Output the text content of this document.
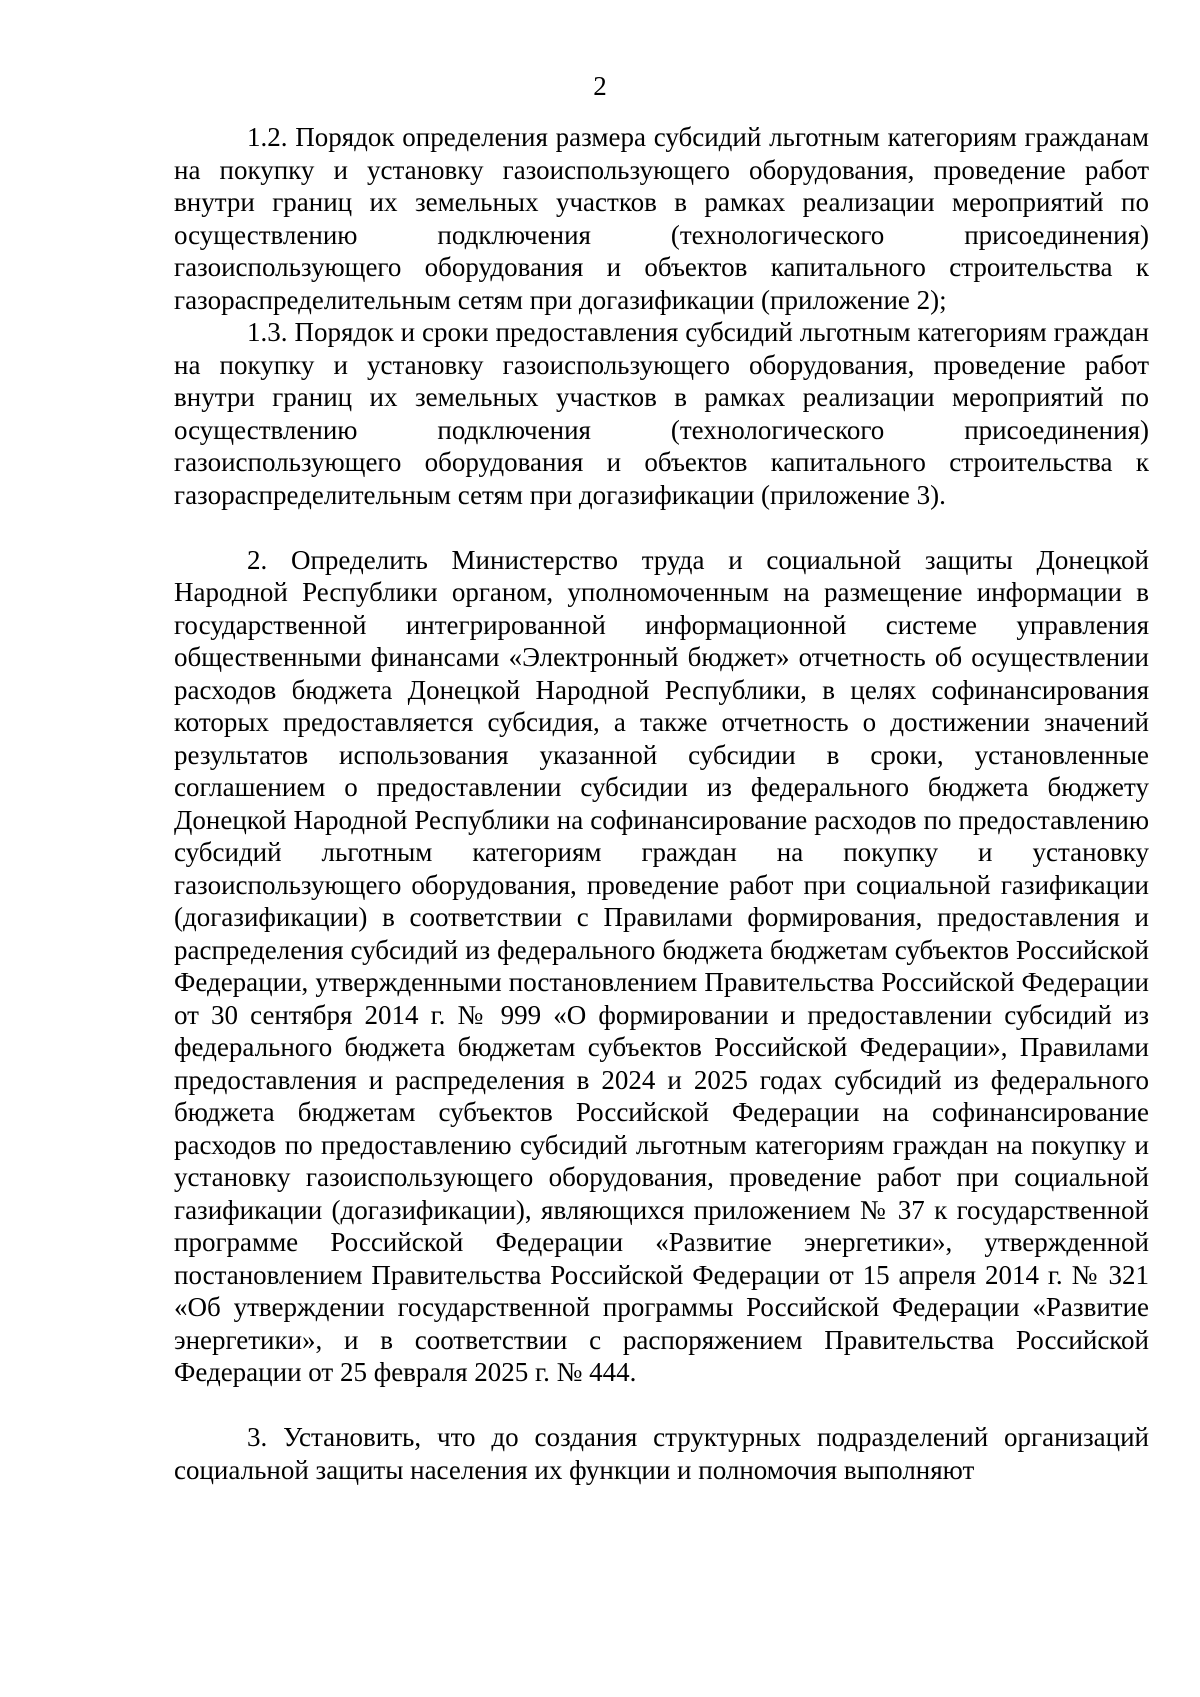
2

1.2. Порядок определения размера субсидий льготным категориям гражданам на покупку и установку газоиспользующего оборудования, проведение работ внутри границ их земельных участков в рамках реализации мероприятий по осуществлению подключения (технологического присоединения) газоиспользующего оборудования и объектов капитального строительства к газораспределительным сетям при догазификации (приложение 2);

1.3. Порядок и сроки предоставления субсидий льготным категориям граждан на покупку и установку газоиспользующего оборудования, проведение работ внутри границ их земельных участков в рамках реализации мероприятий по осуществлению подключения (технологического присоединения) газоиспользующего оборудования и объектов капитального строительства к газораспределительным сетям при догазификации (приложение 3).

2. Определить Министерство труда и социальной защиты Донецкой Народной Республики органом, уполномоченным на размещение информации в государственной интегрированной информационной системе управления общественными финансами «Электронный бюджет» отчетность об осуществлении расходов бюджета Донецкой Народной Республики, в целях софинансирования которых предоставляется субсидия, а также отчетность о достижении значений результатов использования указанной субсидии в сроки, установленные соглашением о предоставлении субсидии из федерального бюджета бюджету Донецкой Народной Республики на софинансирование расходов по предоставлению субсидий льготным категориям граждан на покупку и установку газоиспользующего оборудования, проведение работ при социальной газификации (догазификации) в соответствии с Правилами формирования, предоставления и распределения субсидий из федерального бюджета бюджетам субъектов Российской Федерации, утвержденными постановлением Правительства Российской Федерации от 30 сентября 2014 г. № 999 «О формировании и предоставлении субсидий из федерального бюджета бюджетам субъектов Российской Федерации», Правилами предоставления и распределения в 2024 и 2025 годах субсидий из федерального бюджета бюджетам субъектов Российской Федерации на софинансирование расходов по предоставлению субсидий льготным категориям граждан на покупку и установку газоиспользующего оборудования, проведение работ при социальной газификации (догазификации), являющихся приложением № 37 к государственной программе Российской Федерации «Развитие энергетики», утвержденной постановлением Правительства Российской Федерации от 15 апреля 2014 г. № 321 «Об утверждении государственной программы Российской Федерации «Развитие энергетики», и в соответствии с распоряжением Правительства Российской Федерации от 25 февраля 2025 г. № 444.

3. Установить, что до создания структурных подразделений организаций социальной защиты населения их функции и полномочия выполняют
